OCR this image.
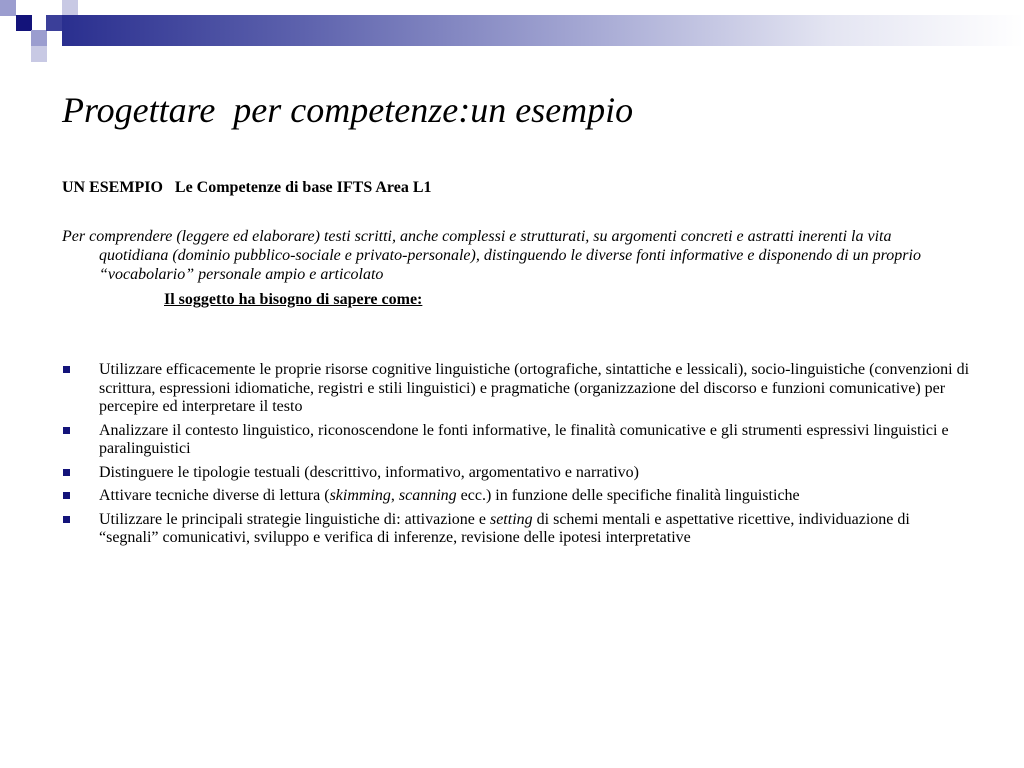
Progettare  per competenze:un esempio
UN ESEMPIO   Le Competenze di base IFTS Area L1
Per comprendere (leggere ed elaborare) testi scritti, anche complessi e strutturati, su argomenti concreti e astratti inerenti la vita quotidiana (dominio pubblico-sociale e privato-personale), distinguendo le diverse fonti informative e disponendo di un proprio “vocabolario” personale ampio e articolato
Il soggetto ha bisogno di sapere come:
Utilizzare efficacemente le proprie risorse cognitive linguistiche (ortografiche, sintattiche e lessicali), socio-linguistiche (convenzioni di scrittura, espressioni idiomatiche, registri e stili linguistici) e pragmatiche (organizzazione del discorso e funzioni comunicative) per percepire ed interpretare il testo
Analizzare il contesto linguistico, riconoscendone le fonti informative, le finalità comunicative e gli strumenti espressivi linguistici e paralinguistici
Distinguere le tipologie testuali (descrittivo, informativo, argomentativo e narrativo)
Attivare tecniche diverse di lettura (skimming, scanning ecc.) in funzione delle specifiche finalità linguistiche
Utilizzare le principali strategie linguistiche di: attivazione e setting di schemi mentali e aspettative ricettive, individuazione di “segnali” comunicativi, sviluppo e verifica di inferenze, revisione delle ipotesi interpretative
